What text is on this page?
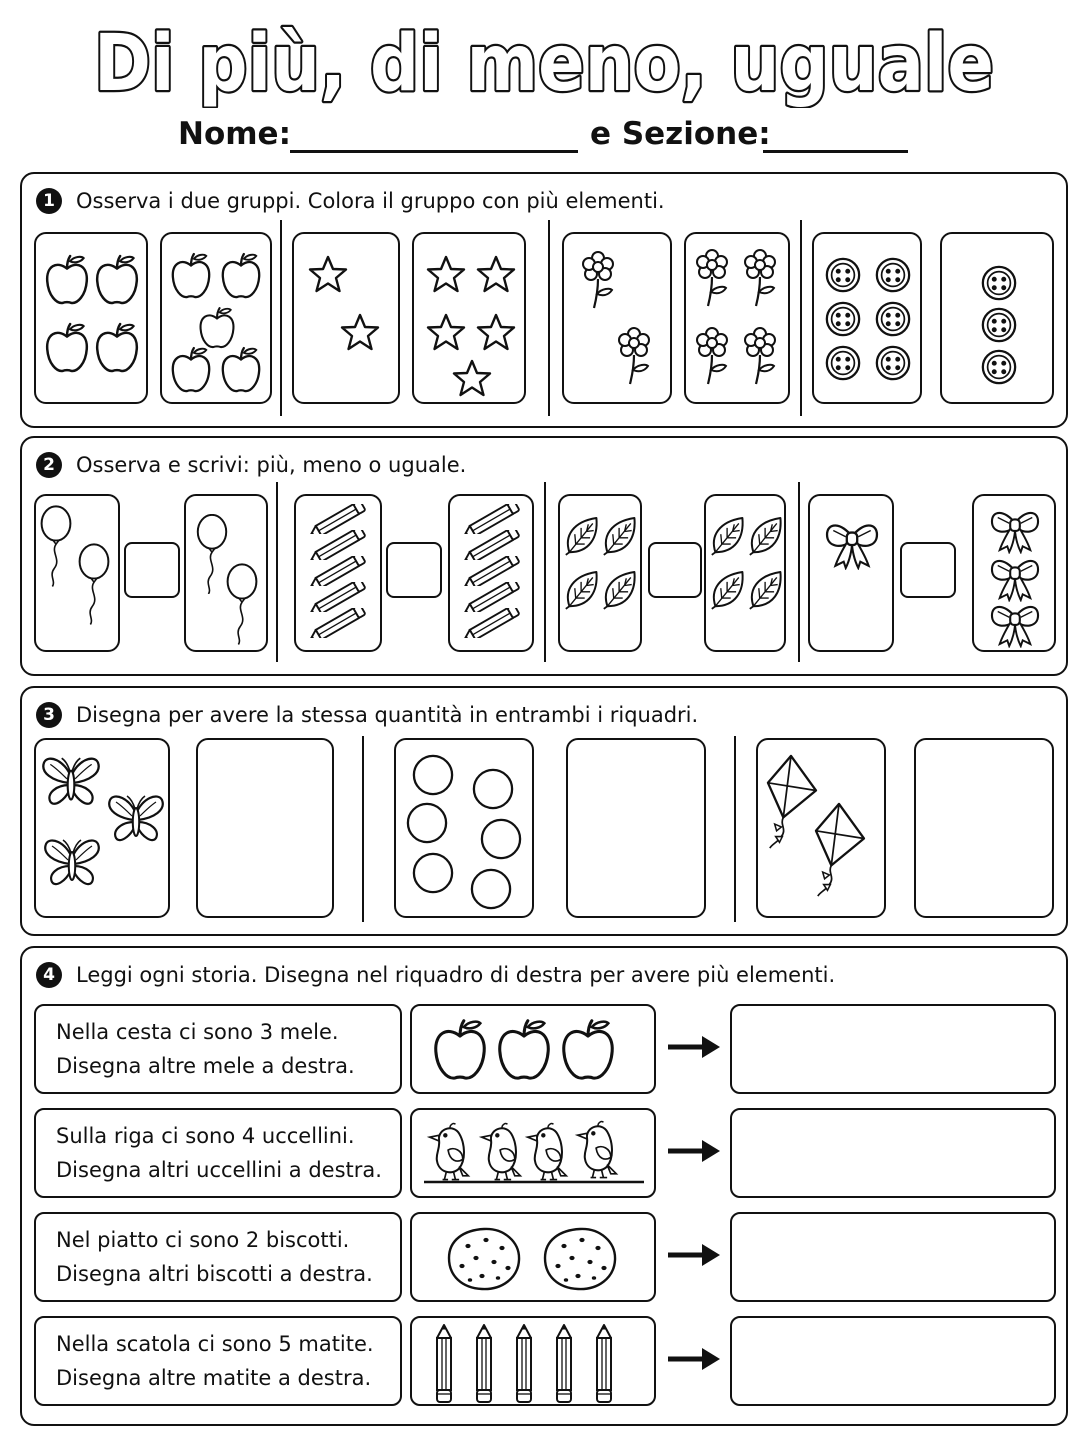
Di più, di meno, uguale
Nome:	e Sezione:
1	Osserva i due gruppi. Colora il gruppo con più elementi.
2	Osserva e scrivi: più, meno o uguale.
3	Disegna per avere la stessa quantità in entrambi i riquadri.
4	Leggi ogni storia. Disegna nel riquadro di destra per avere più elementi.
Nella cesta ci sono 3 mele.
Disegna altre mele a destra.
Sulla riga ci sono 4 uccellini.
Disegna altri uccellini a destra.
Nel piatto ci sono 2 biscotti.
Disegna altri biscotti a destra.
Nella scatola ci sono 5 matite.
Disegna altre matite a destra.
